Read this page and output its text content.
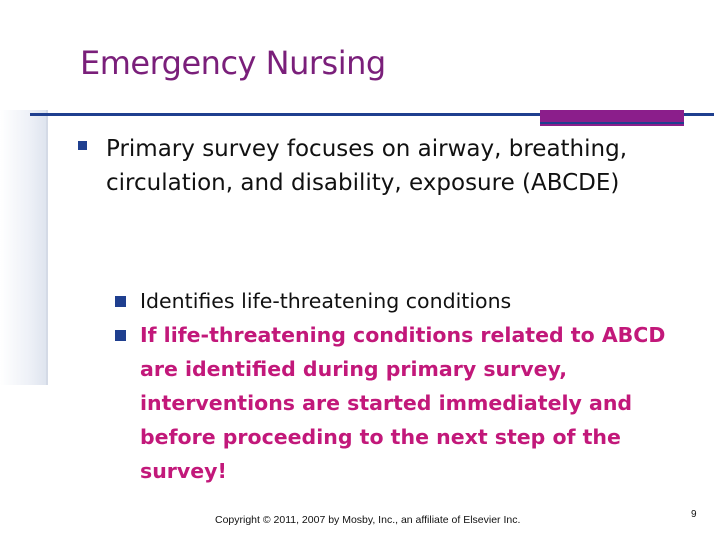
Emergency Nursing
Primary survey focuses on airway, breathing, circulation, and disability, exposure (ABCDE)
Identifies life-threatening conditions
If life-threatening conditions related to ABCD are identified during primary survey, interventions are started immediately and before proceeding to the next step of the survey!
Copyright © 2011, 2007 by Mosby, Inc., an affiliate of Elsevier Inc.	9
